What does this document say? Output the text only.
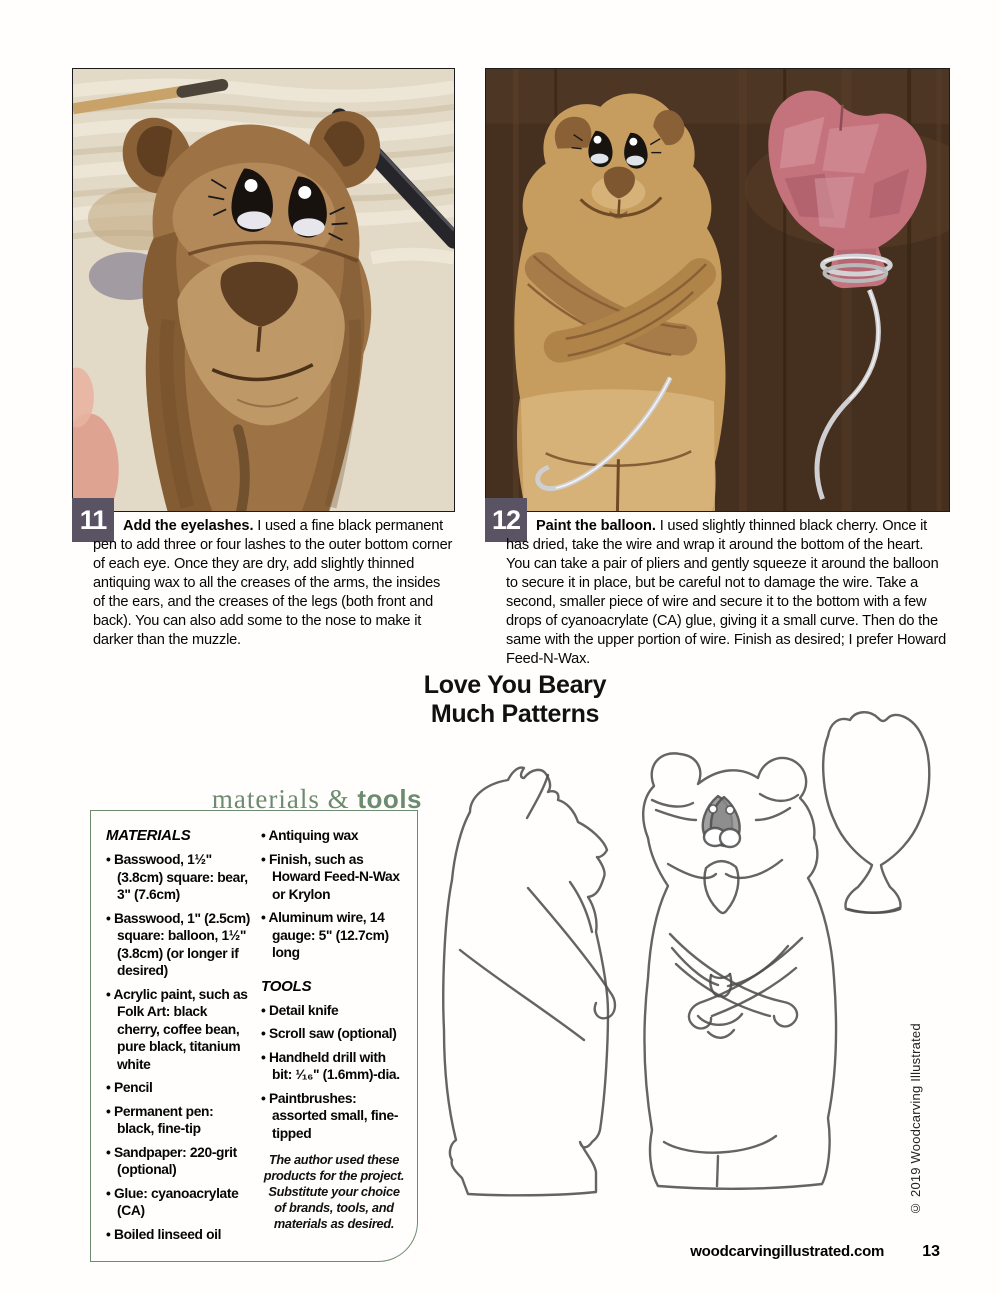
11	12

Add the eyelashes. I used a fine black permanent pen to add three or four lashes to the outer bottom corner of each eye. Once they are dry, add slightly thinned antiquing wax to all the creases of the arms, the insides of the ears, and the creases of the legs (both front and back). You can also add some to the nose to make it darker than the muzzle.

Paint the balloon. I used slightly thinned black cherry. Once it has dried, take the wire and wrap it around the bottom of the heart. You can take a pair of pliers and gently squeeze it around the balloon to secure it in place, but be careful not to damage the wire. Take a second, smaller piece of wire and secure it to the bottom with a few drops of cyanoacrylate (CA) glue, giving it a small curve. Then do the same with the upper portion of wire. Finish as desired; I prefer Howard Feed-N-Wax.

Love You Beary
Much Patterns
materials & tools
MATERIALS
• Basswood, 1½" (3.8cm) square: bear, 3" (7.6cm)
• Basswood, 1" (2.5cm) square: balloon, 1½" (3.8cm) (or longer if desired)
• Acrylic paint, such as Folk Art: black cherry, coffee bean, pure black, titanium white
• Pencil
• Permanent pen: black, fine-tip
• Sandpaper: 220-grit (optional)
• Glue: cyanoacrylate (CA)
• Boiled linseed oil
• Antiquing wax
• Finish, such as Howard Feed-N-Wax or Krylon
• Aluminum wire, 14 gauge: 5" (12.7cm) long
TOOLS
• Detail knife
• Scroll saw (optional)
• Handheld drill with bit: ¹⁄₁₆" (1.6mm)-dia.
• Paintbrushes: assorted small, fine-tipped
The author used these products for the project. Substitute your choice of brands, tools, and materials as desired.
© 2019 Woodcarving Illustrated
woodcarvingillustrated.com 13
